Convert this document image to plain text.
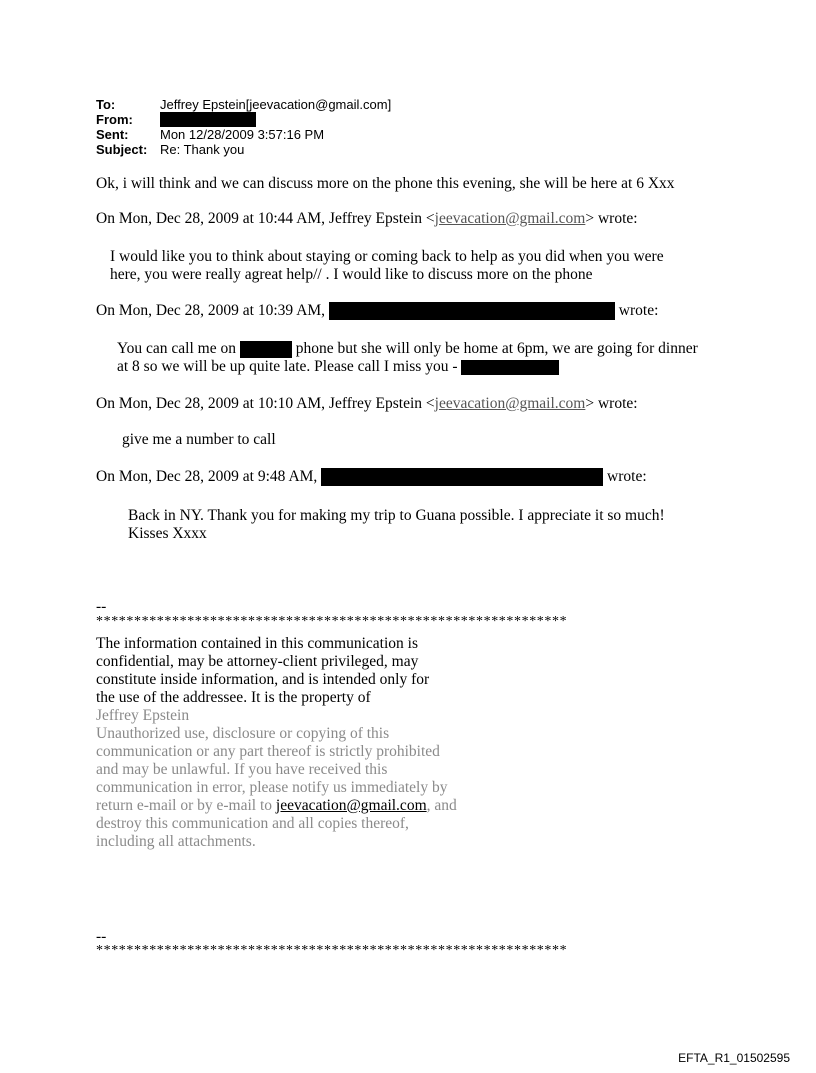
To:	Jeffrey Epstein[jeevacation@gmail.com]
From:
Sent: Mon 12/28/2009 3:57:16 PM
Subject: Re: Thank you
Ok, i will think and we can discuss more on the phone this evening, she will be here at 6 Xxx
On Mon, Dec 28, 2009 at 10:44 AM, Jeffrey Epstein <jeevacation@gmail.com> wrote:
I would like you to think about staying or coming back to help as you did when you were
here, you were really agreat help// . I would like to discuss more on the phone
On Mon, Dec 28, 2009 at 10:39 AM,	wrote:
You can call me on	phone but she will only be home at 6pm, we are going for dinner
at 8 so we will be up quite late. Please call I miss you -
On Mon, Dec 28, 2009 at 10:10 AM, Jeffrey Epstein <jeevacation@gmail.com> wrote:
give me a number to call
On Mon, Dec 28, 2009 at 9:48 AM,	wrote:
Back in NY. Thank you for making my trip to Guana possible. I appreciate it so much!
Kisses Xxxx
--
**************************************************************
The information contained in this communication is
confidential, may be attorney-client privileged, may
constitute inside information, and is intended only for
the use of the addressee. It is the property of
Jeffrey Epstein
Unauthorized use, disclosure or copying of this
communication or any part thereof is strictly prohibited
and may be unlawful. If you have received this
communication in error, please notify us immediately by
return e-mail or by e-mail to jeevacation@gmail.com, and
destroy this communication and all copies thereof,
including all attachments.
--
**************************************************************
EFTA_R1_01502595
